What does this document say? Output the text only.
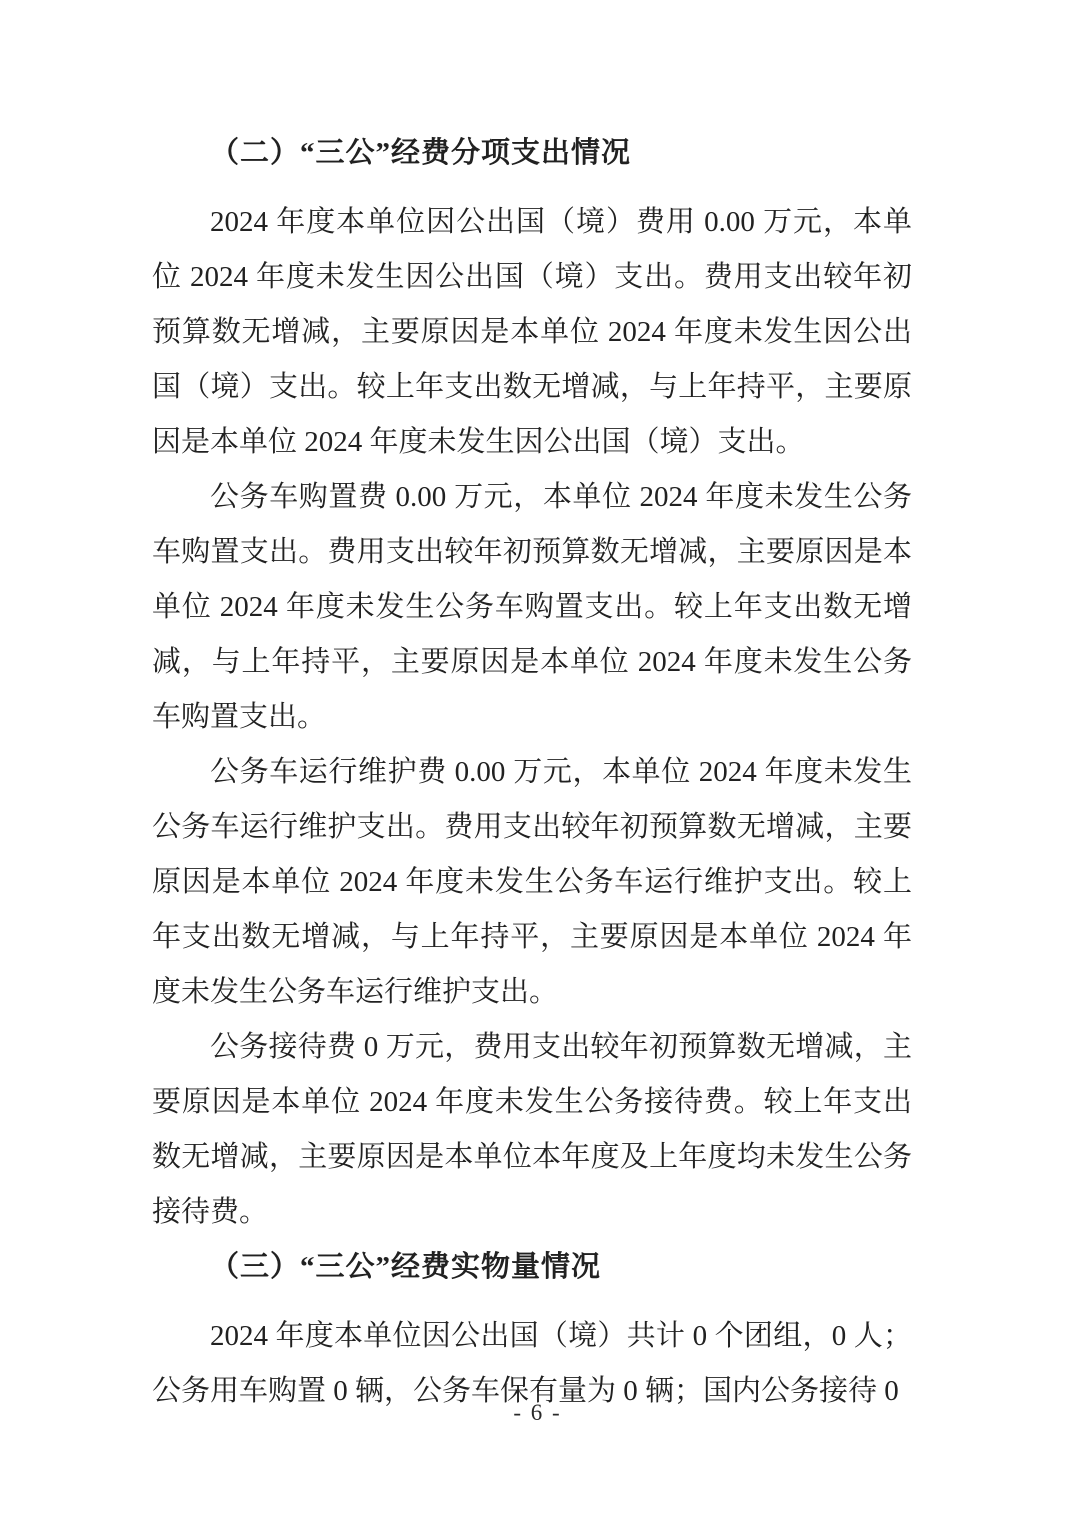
（二）“三公”经费分项支出情况

2024 年度本单位因公出国（境）费用 0.00 万元，本单位 2024 年度未发生因公出国（境）支出。费用支出较年初预算数无增减，主要原因是本单位 2024 年度未发生因公出国（境）支出。较上年支出数无增减，与上年持平，主要原因是本单位 2024 年度未发生因公出国（境）支出。

公务车购置费 0.00 万元，本单位 2024 年度未发生公务车购置支出。费用支出较年初预算数无增减，主要原因是本单位 2024 年度未发生公务车购置支出。较上年支出数无增减，与上年持平，主要原因是本单位 2024 年度未发生公务车购置支出。

公务车运行维护费 0.00 万元，本单位 2024 年度未发生公务车运行维护支出。费用支出较年初预算数无增减，主要原因是本单位 2024 年度未发生公务车运行维护支出。较上年支出数无增减，与上年持平，主要原因是本单位 2024 年度未发生公务车运行维护支出。

公务接待费 0 万元，费用支出较年初预算数无增减，主要原因是本单位 2024 年度未发生公务接待费。较上年支出数无增减，主要原因是本单位本年度及上年度均未发生公务接待费。

（三）“三公”经费实物量情况

2024 年度本单位因公出国（境）共计 0 个团组，0 人；公务用车购置 0 辆，公务车保有量为 0 辆；国内公务接待 0

- 6 -
